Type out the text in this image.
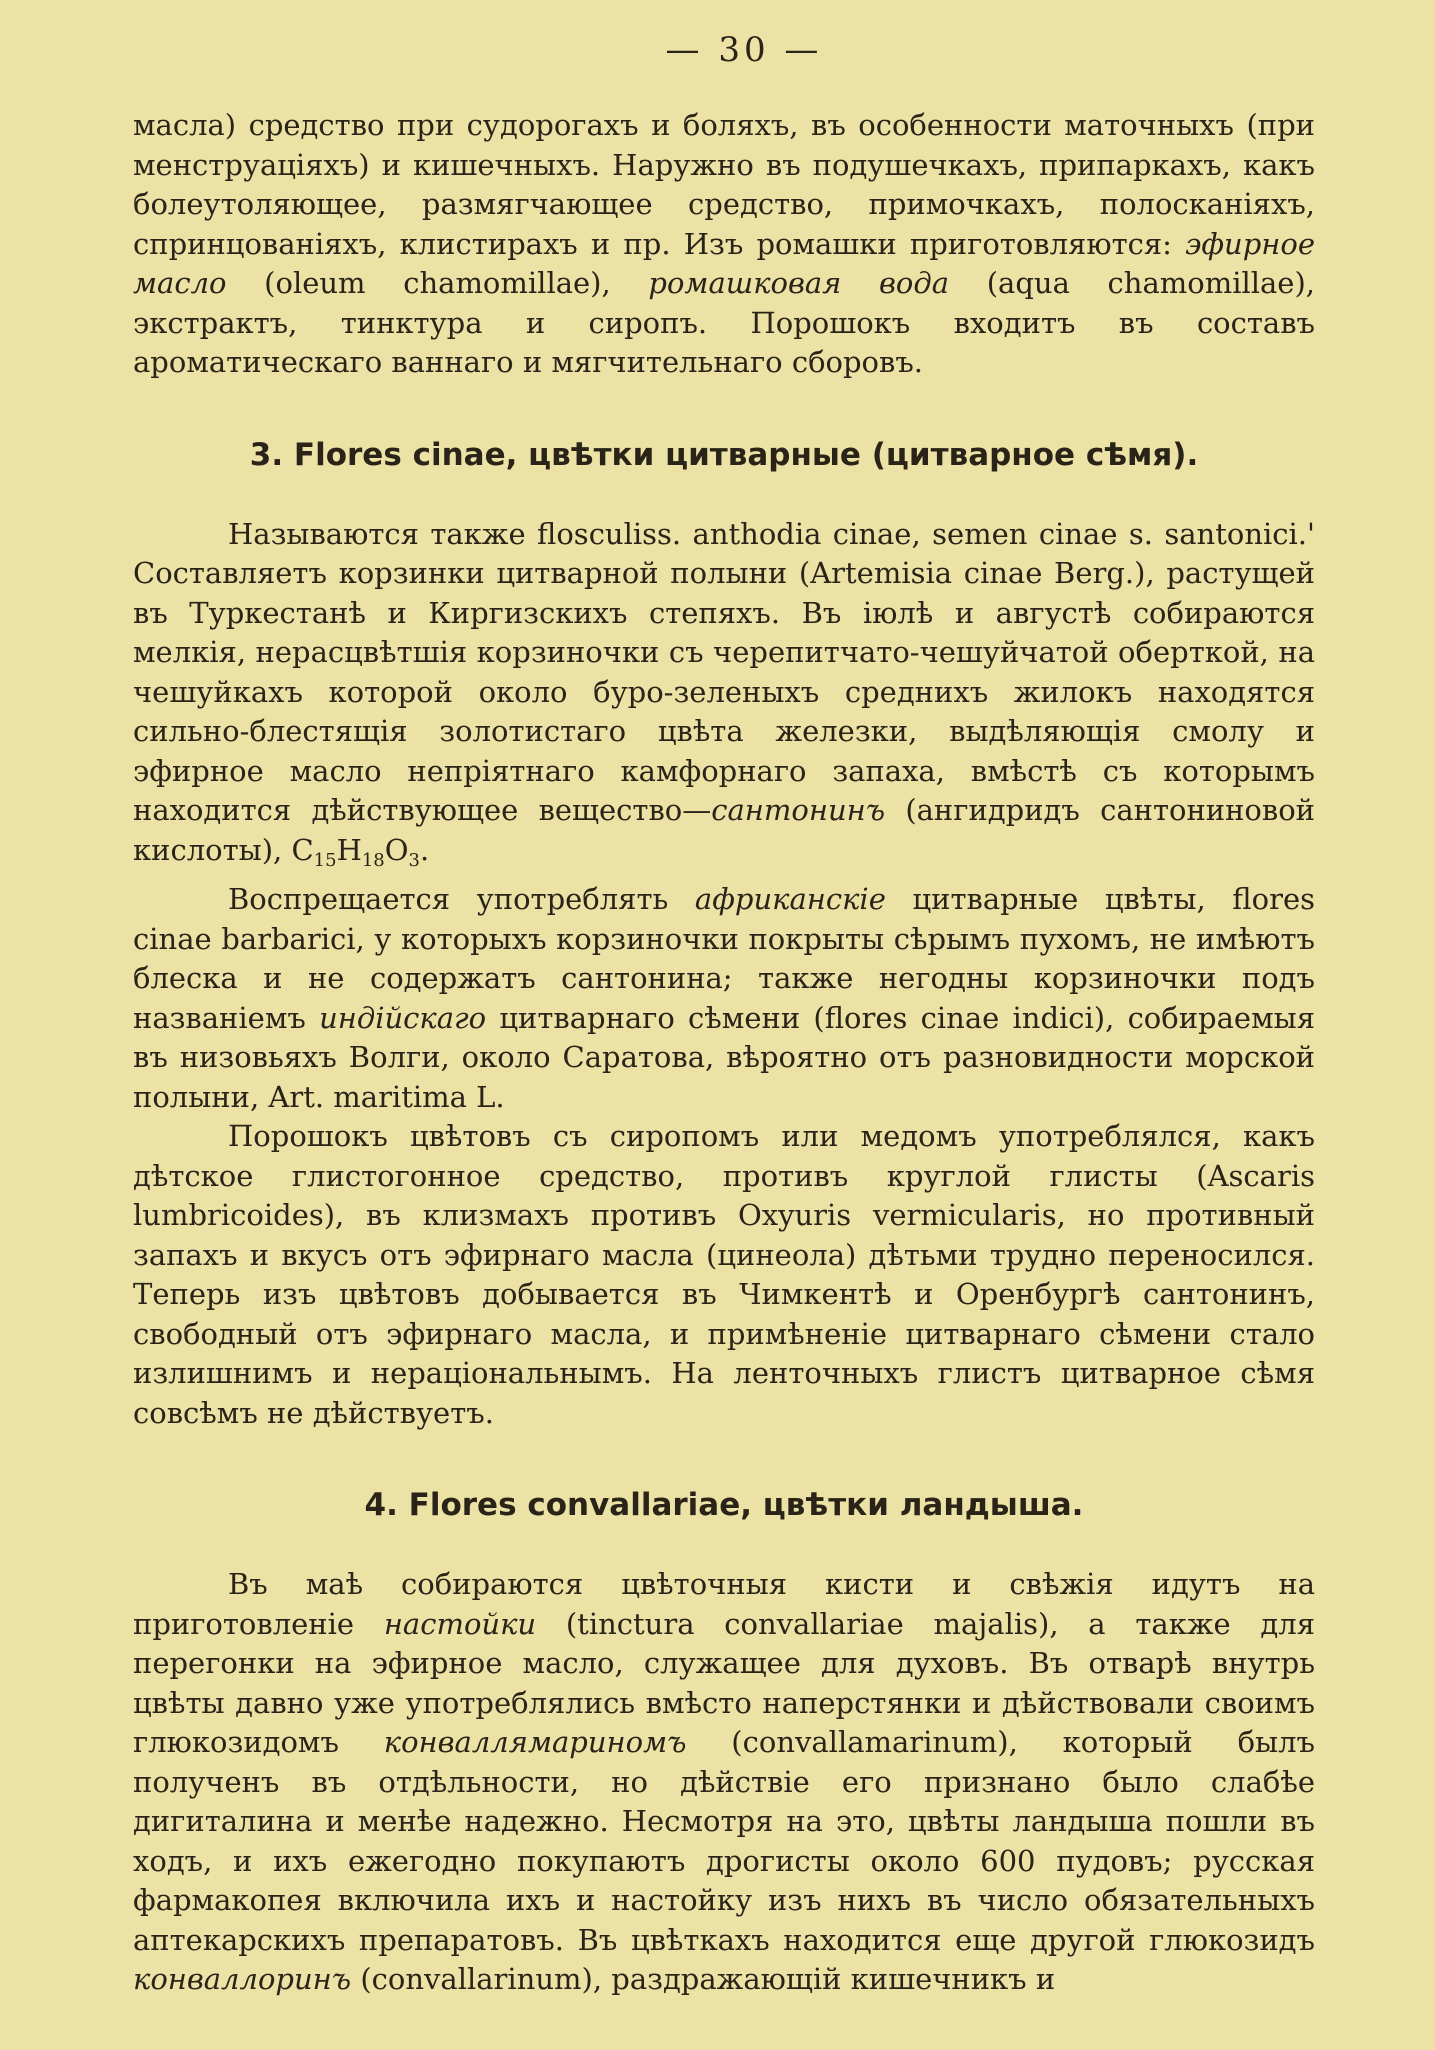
— 30 —

масла) средство при судорогахъ и боляхъ, въ особенности маточныхъ (при менструацiяхъ) и кишечныхъ. Наружно въ подушечкахъ, припаркахъ, какъ болеутоляющее, размягчающее средство, примочкахъ, полосканiяхъ, спринцованiяхъ, клистирахъ и пр. Изъ ромашки приготовляются: эфирное масло (oleum chamomillae), ромашковая вода (aqua chamomillae), экстрактъ, тинктура и сиропъ. Порошокъ входитъ въ составъ ароматическаго ваннаго и мягчительнаго сборовъ.

3. Flores cinae, цвѣтки цитварные (цитварное сѣмя).

Называются также flosculiss. anthodia cinae, semen cinae s. santonici.' Составляетъ корзинки цитварной полыни (Artemisia cinae Berg.), растущей въ Туркестанѣ и Киргизскихъ степяхъ. Въ iюлѣ и августѣ собираются мелкiя, нерасцвѣтшiя корзиночки съ черепитчато-чешуйчатой оберткой, на чешуйкахъ которой около буро-зеленыхъ среднихъ жилокъ находятся сильно-блестящiя золотистаго цвѣта железки, выдѣляющiя смолу и эфирное масло непрiятнаго камфорнаго запаха, вмѣстѣ съ которымъ находится дѣйствующее вещество—сантонинъ (ангидридъ сантониновой кислоты), $С_{15}Н_{18}О_3$.

Воспрещается употреблять африканскiе цитварные цвѣты, flores cinae barbarici, у которыхъ корзиночки покрыты сѣрымъ пухомъ, не имѣютъ блеска и не содержатъ сантонина; также негодны корзиночки подъ названiемъ индiйскаго цитварнаго сѣмени (flores cinae indici), собираемыя въ низовьяхъ Волги, около Саратова, вѣроятно отъ разновидности морской полыни, Art. maritima L.

Порошокъ цвѣтовъ съ сиропомъ или медомъ употреблялся, какъ дѣтское глистогонное средство, противъ круглой глисты (Ascaris lumbricoides), въ клизмахъ противъ Oxyuris vermicularis, но противный запахъ и вкусъ отъ эфирнаго масла (цинеола) дѣтьми трудно переносился. Теперь изъ цвѣтовъ добывается въ Чимкентѣ и Оренбургѣ сантонинъ, свободный отъ эфирнаго масла, и примѣненiе цитварнаго сѣмени стало излишнимъ и нерацiональнымъ. На ленточныхъ глистъ цитварное сѣмя совсѣмъ не дѣйствуетъ.

4. Flores convallariae, цвѣтки ландыша.

Въ маѣ собираются цвѣточныя кисти и свѣжiя идутъ на приготовленiе настойки (tinctura convallariae majalis), а также для перегонки на эфирное масло, служащее для духовъ. Въ отварѣ внутрь цвѣты давно уже употреблялись вмѣсто наперстянки и дѣйствовали своимъ глюкозидомъ конваллямариномъ (convallamarinum), который былъ полученъ въ отдѣльности, но дѣйствiе его признано было слабѣе дигиталина и менѣе надежно. Несмотря на это, цвѣты ландыша пошли въ ходъ, и ихъ ежегодно покупаютъ дрогисты около 600 пудовъ; русская фармакопея включила ихъ и настойку изъ нихъ въ число обязательныхъ аптекарскихъ препаратовъ. Въ цвѣткахъ находится еще другой глюкозидъ конваллоринъ (convallarinum), раздражающiй кишечникъ и
